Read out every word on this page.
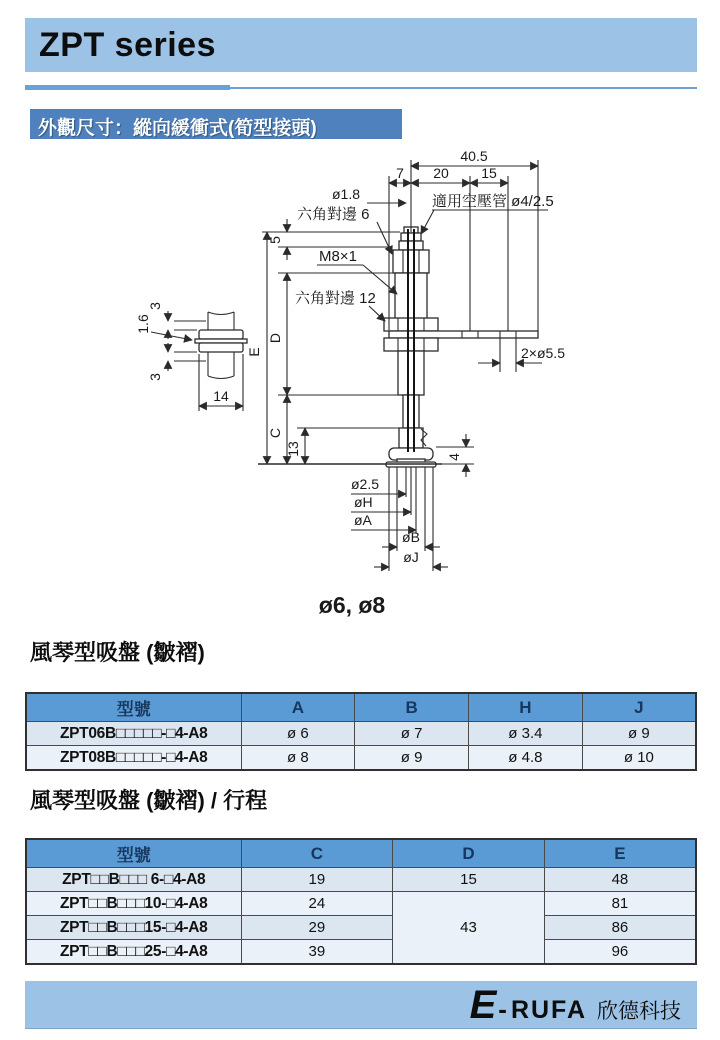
ZPT series
外觀尺寸：縱向緩衝式(筍型接頭)
3
1.6
3
14
40.5
7 20 15
ø1.8
六角對邊 6
適用空壓管 ø4/2.5
M8×1
六角對邊 12
E
5
D
C
13
4
2×ø5.5
ø2.5
øH
øA
øB
øJ
ø6, ø8
風琴型吸盤 (皺褶)
型號	A	B	H	J
ZPT06B□□□□□-□4-A8	ø 6	ø 7	ø 3.4	ø 9
ZPT08B□□□□□-□4-A8	ø 8	ø 9	ø 4.8	ø 10
風琴型吸盤 (皺褶) / 行程
型號	C	D	E
ZPT□□B□□□ 6-□4-A8	19	15	48
ZPT□□B□□□10-□4-A8	24	43	81
ZPT□□B□□□15-□4-A8	29		86
ZPT□□B□□□25-□4-A8	39		96
E - RUFA 欣德科技
